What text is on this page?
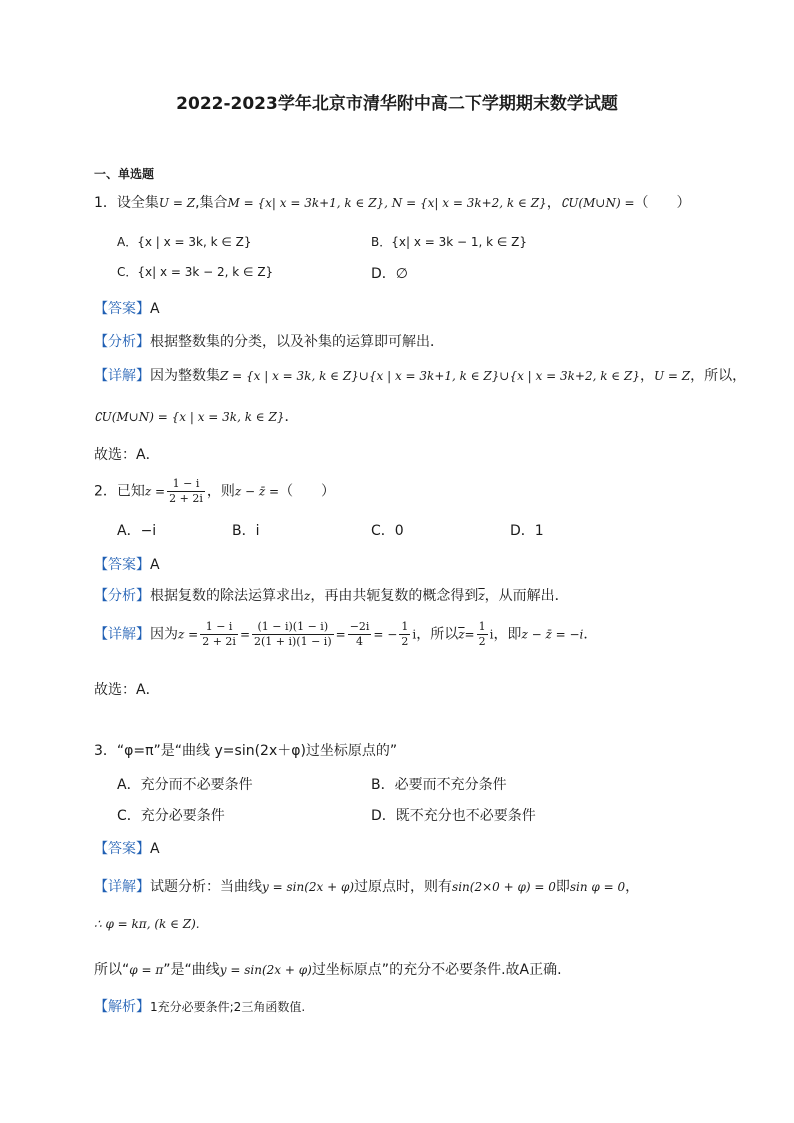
2022-2023学年北京市清华附中高二下学期期末数学试题
一、单选题
1．设全集U = Z,集合M = {x| x = 3k+1, k ∈ Z}, N = {x| x = 3k+2, k ∈ Z}，∁U(M∪N) =（　　）
A．{x | x = 3k, k ∈ Z}	B．{x| x = 3k − 1, k ∈ Z}
C．{x| x = 3k − 2, k ∈ Z}	D．∅
【答案】A
【分析】根据整数集的分类，以及补集的运算即可解出．
【详解】因为整数集Z = {x | x = 3k, k ∈ Z}∪{x | x = 3k+1, k ∈ Z}∪{x | x = 3k+2, k ∈ Z}，U = Z，所以，
∁U(M∪N) = {x | x = 3k, k ∈ Z}．
故选：A．
2．已知$z = \frac{1 - i}{2 + 2i}$ ，则z − z̄ =（　　）
A．−i	B．i	C．0	D．1
【答案】A
【分析】根据复数的除法运算求出z，再由共轭复数的概念得到$\overline{z}$，从而解出．
【详解】因为$z = \frac{1 - i}{2 + 2i} = \frac{(1 - i)(1 - i)}{2(1 + i)(1 - i)} = \frac{-2i}{4}$ = − $\frac{1}{2}$ i，所以$\overline{z}= \frac{1}{2}$ i，即z − z̄ = −i．
故选：A．
3．“φ=π”是“曲线 y=sin(2x＋φ)过坐标原点的”
A．充分而不必要条件	B．必要而不充分条件
C．充分必要条件	D．既不充分也不必要条件
【答案】A
【详解】试题分析：当曲线y = sin(2x + φ)过原点时，则有sin(2×0 + φ) = 0即sin φ = 0，
∴ φ = kπ, (k ∈ Z).
所以“φ = π”是“曲线y = sin(2x + φ)过坐标原点”的充分不必要条件.故A正确.
【解析】1充分必要条件;2三角函数值.
